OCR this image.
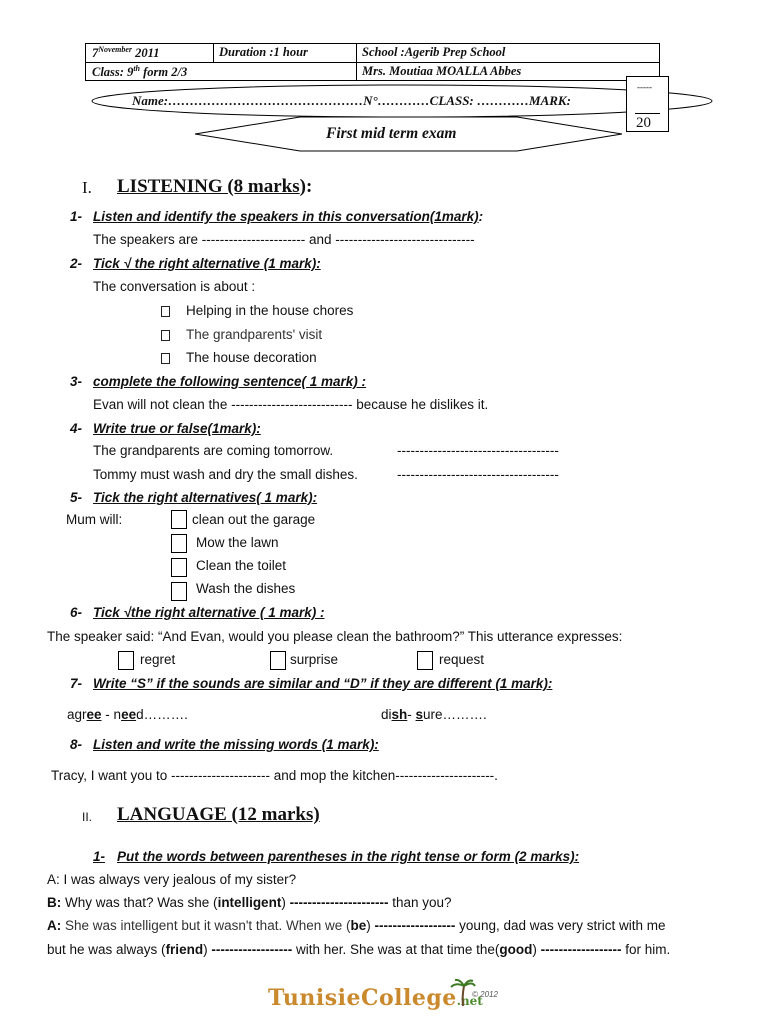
$7^{November}$ 2011	Duration :1 hour	School :Agerib Prep School
Class: 9th form 2/3	Mrs. Moutiaa MOALLA Abbes
Name:………………………………………N°…………CLASS: …………MARK:
-----
20
First mid term exam
I. LISTENING (8 marks):
1- Listen and identify the speakers in this conversation(1mark):
The speakers are ----------------------- and -------------------------------
2- Tick √ the right alternative (1 mark):
The conversation is about :
Helping in the house chores
The grandparents' visit
The house decoration
3- complete the following sentence( 1 mark) :
Evan will not clean the --------------------------- because he dislikes it.
4- Write true or false(1mark):
The grandparents are coming tomorrow.	------------------------------------
Tommy must wash and dry the small dishes.	------------------------------------
5- Tick the right alternatives( 1 mark):
Mum will:	clean out the garage
Mow the lawn
Clean the toilet
Wash the dishes
6- Tick √the right alternative ( 1 mark) :
The speaker said: “And Evan, would you please clean the bathroom?” This utterance expresses:
regret	surprise	request
7- Write “S” if the sounds are similar and “D” if they are different (1 mark):
agree - need……….	dish- sure……….
8- Listen and write the missing words (1 mark):
Tracy, I want you to ---------------------- and mop the kitchen----------------------.
II. LANGUAGE (12 marks)
1- Put the words between parentheses in the right tense or form (2 marks):
A: I was always very jealous of my sister?
B: Why was that? Was she (intelligent) ---------------------- than you?
A: She was intelligent but it wasn't that. When we (be) ------------------ young, dad was very strict with me
but he was always (friend) ------------------ with her. She was at that time the(good) ------------------ for him.
TunisieCollege.net
© 2012
